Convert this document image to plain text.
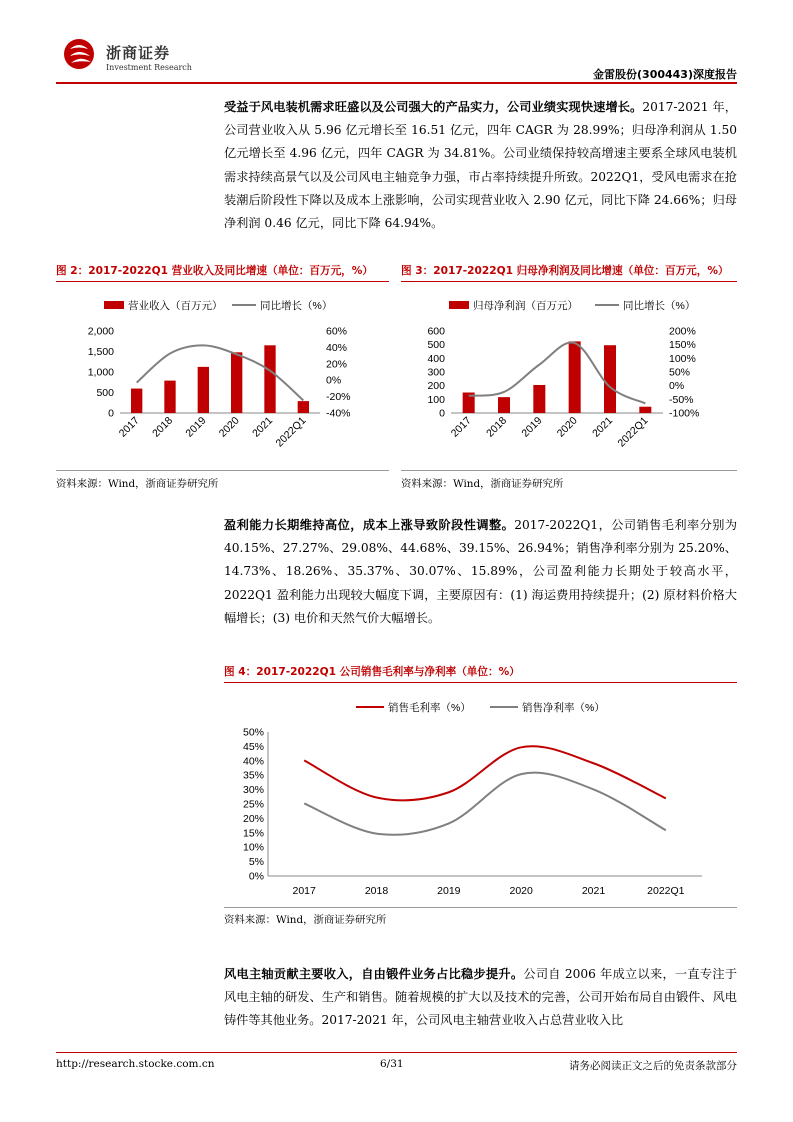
浙商证券
Investment Research
金雷股份(300443)深度报告
受益于风电装机需求旺盛以及公司强大的产品实力，公司业绩实现快速增长。2017-2021 年，公司营业收入从 5.96 亿元增长至 16.51 亿元，四年 CAGR 为 28.99%；归母净利润从 1.50 亿元增长至 4.96 亿元，四年 CAGR 为 34.81%。公司业绩保持较高增速主要系全球风电装机需求持续高景气以及公司风电主轴竞争力强，市占率持续提升所致。2022Q1，受风电需求在抢装潮后阶段性下降以及成本上涨影响，公司实现营业收入 2.90 亿元，同比下降 24.66%；归母净利润 0.46 亿元，同比下降 64.94%。
图 2：2017-2022Q1 营业收入及同比增速（单位：百万元，%）
营业收入（百万元）	同比增长（%）
0
500
1,000
1,500
2,000
-40%
-20%
0%
20%
40%
60%
2017 2018 2019 2020 2021
2022Q1
资料来源：Wind，浙商证券研究所
图 3：2017-2022Q1 归母净利润及同比增速（单位：百万元，%）
归母净利润（百万元）	同比增长（%）
0
100
200
300
400
500
600
-100%
-50%
0%
50%
100%
150%
200%
2017 2018 2019 2020 2021 2022Q1
资料来源：Wind，浙商证券研究所
盈利能力长期维持高位，成本上涨导致阶段性调整。2017-2022Q1，公司销售毛利率分别为 40.15%、27.27%、29.08%、44.68%、39.15%、26.94%；销售净利率分别为 25.20%、14.73%、18.26%、35.37%、30.07%、15.89%，公司盈利能力长期处于较高水平，2022Q1 盈利能力出现较大幅度下调，主要原因有：(1) 海运费用持续提升；(2) 原材料价格大幅增长；(3) 电价和天然气价大幅增长。
图 4：2017-2022Q1 公司销售毛利率与净利率（单位：%）
销售毛利率（%）	销售净利率（%）
0%
5%
10%
15%
20%
25%
30%
35%
40%
45%
50%
2017	2018	2019	2020	2021	2022Q1
资料来源：Wind，浙商证券研究所
风电主轴贡献主要收入，自由锻件业务占比稳步提升。公司自 2006 年成立以来，一直专注于风电主轴的研发、生产和销售。随着规模的扩大以及技术的完善，公司开始布局自由锻件、风电铸件等其他业务。2017-2021 年，公司风电主轴营业收入占总营业收入比
http://research.stocke.com.cn	6/31	请务必阅读正文之后的免责条款部分
